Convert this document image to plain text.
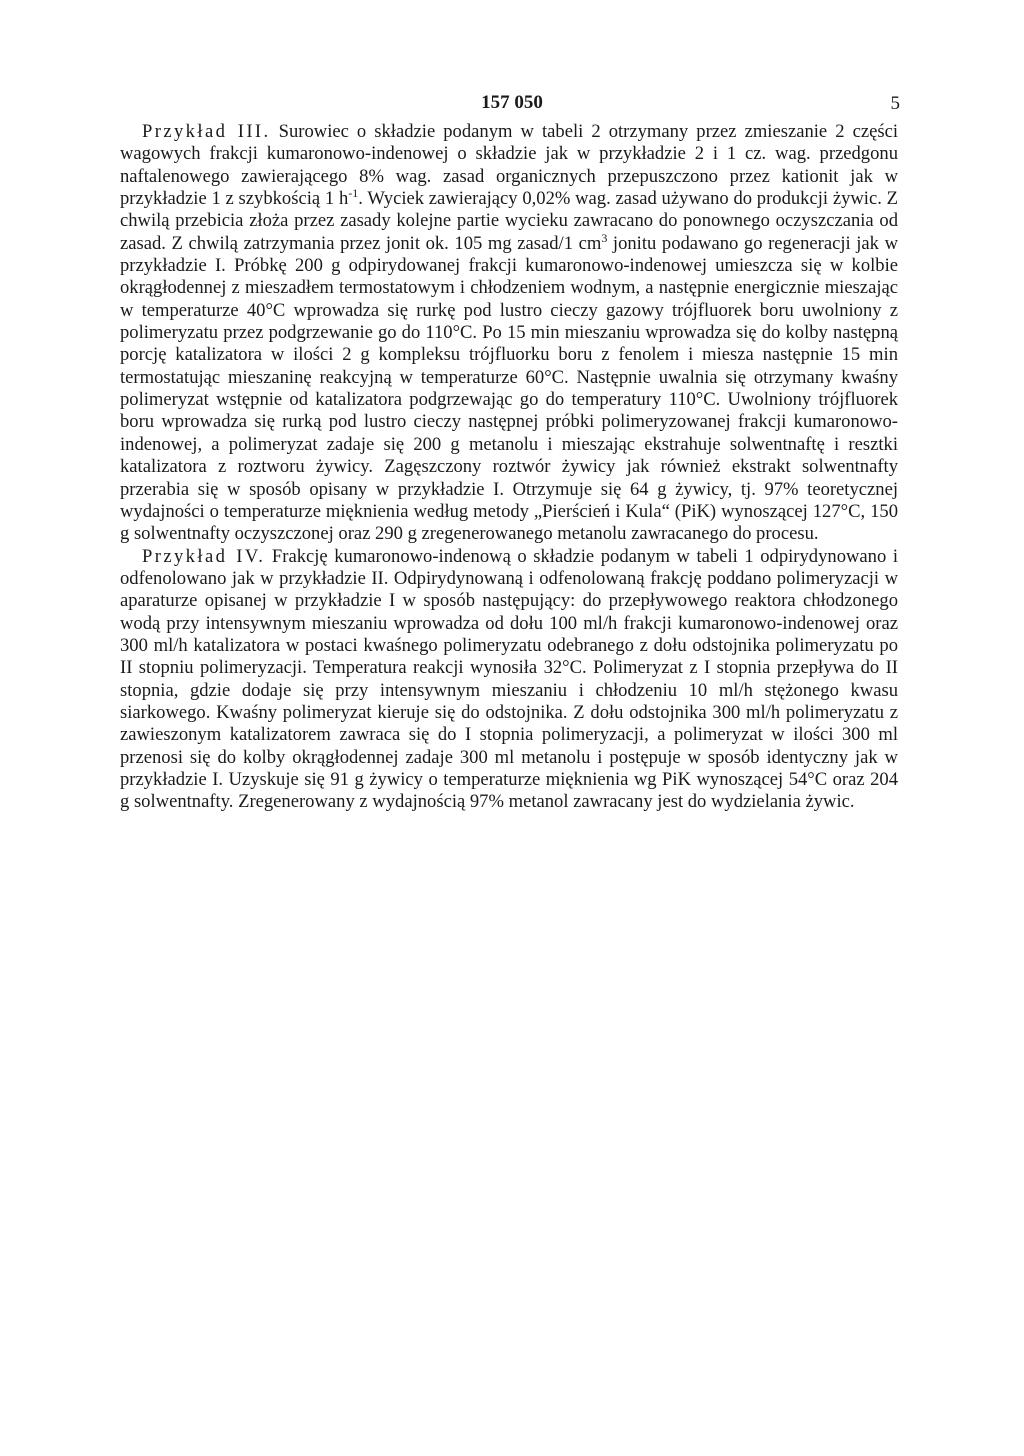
157 050	5

Przykład III. Surowiec o składzie podanym w tabeli 2 otrzymany przez zmieszanie 2 części wagowych frakcji kumaronowo-indenowej o składzie jak w przykładzie 2 i 1 cz. wag. przedgonu naftalenowego zawierającego 8% wag. zasad organicznych przepuszczono przez kationit jak w przykładzie 1 z szybkością 1 $h^{-1}$. Wyciek zawierający 0,02% wag. zasad używano do produkcji żywic. Z chwilą przebicia złoża przez zasady kolejne partie wycieku zawracano do ponownego oczyszczania od zasad. Z chwilą zatrzymania przez jonit ok. 105 mg zasad/1 $cm^3$ jonitu podawano go regeneracji jak w przykładzie I. Próbkę 200 g odpirydowanej frakcji kumaronowo-indenowej umieszcza się w kolbie okrągłodennej z mieszadłem termostatowym i chłodzeniem wodnym, a następnie energicznie mieszając w temperaturze 40°C wprowadza się rurkę pod lustro cieczy gazowy trójfluorek boru uwolniony z polimeryzatu przez podgrzewanie go do 110°C. Po 15 min mieszaniu wprowadza się do kolby następną porcję katalizatora w ilości 2 g kompleksu trójfluorku boru z fenolem i miesza następnie 15 min termostatując mieszaninę reakcyjną w temperaturze 60°C. Następnie uwalnia się otrzymany kwaśny polimeryzat wstępnie od katalizatora podgrzewając go do temperatury 110°C. Uwolniony trójfluorek boru wprowadza się rurką pod lustro cieczy następnej próbki polimeryzowanej frakcji kumaronowo-indenowej, a polimeryzat zadaje się 200 g metanolu i mieszając ekstrahuje solwentnaftę i resztki katalizatora z roztworu żywicy. Zagęszczony roztwór żywicy jak również ekstrakt solwentnafty przerabia się w sposób opisany w przykładzie I. Otrzymuje się 64 g żywicy, tj. 97% teoretycznej wydajności o temperaturze mięknienia według metody „Pierścień i Kula“ (PiK) wynoszącej 127°C, 150 g solwentnafty oczyszczonej oraz 290 g zregenerowanego metanolu zawracanego do procesu.

Przykład IV. Frakcję kumaronowo-indenową o składzie podanym w tabeli 1 odpirydynowano i odfenolowano jak w przykładzie II. Odpirydynowaną i odfenolowaną frakcję poddano polimeryzacji w aparaturze opisanej w przykładzie I w sposób następujący: do przepływowego reaktora chłodzonego wodą przy intensywnym mieszaniu wprowadza od dołu 100 ml/h frakcji kumaronowo-indenowej oraz 300 ml/h katalizatora w postaci kwaśnego polimeryzatu odebranego z dołu odstojnika polimeryzatu po II stopniu polimeryzacji. Temperatura reakcji wynosiła 32°C. Polimeryzat z I stopnia przepływa do II stopnia, gdzie dodaje się przy intensywnym mieszaniu i chłodzeniu 10 ml/h stężonego kwasu siarkowego. Kwaśny polimeryzat kieruje się do odstojnika. Z dołu odstojnika 300 ml/h polimeryzatu z zawieszonym katalizatorem zawraca się do I stopnia polimeryzacji, a polimeryzat w ilości 300 ml przenosi się do kolby okrągłodennej zadaje 300 ml metanolu i postępuje w sposób identyczny jak w przykładzie I. Uzyskuje się 91 g żywicy o temperaturze mięknienia wg PiK wynoszącej 54°C oraz 204 g solwentnafty. Zregenerowany z wydajnością 97% metanol zawracany jest do wydzielania żywic.
